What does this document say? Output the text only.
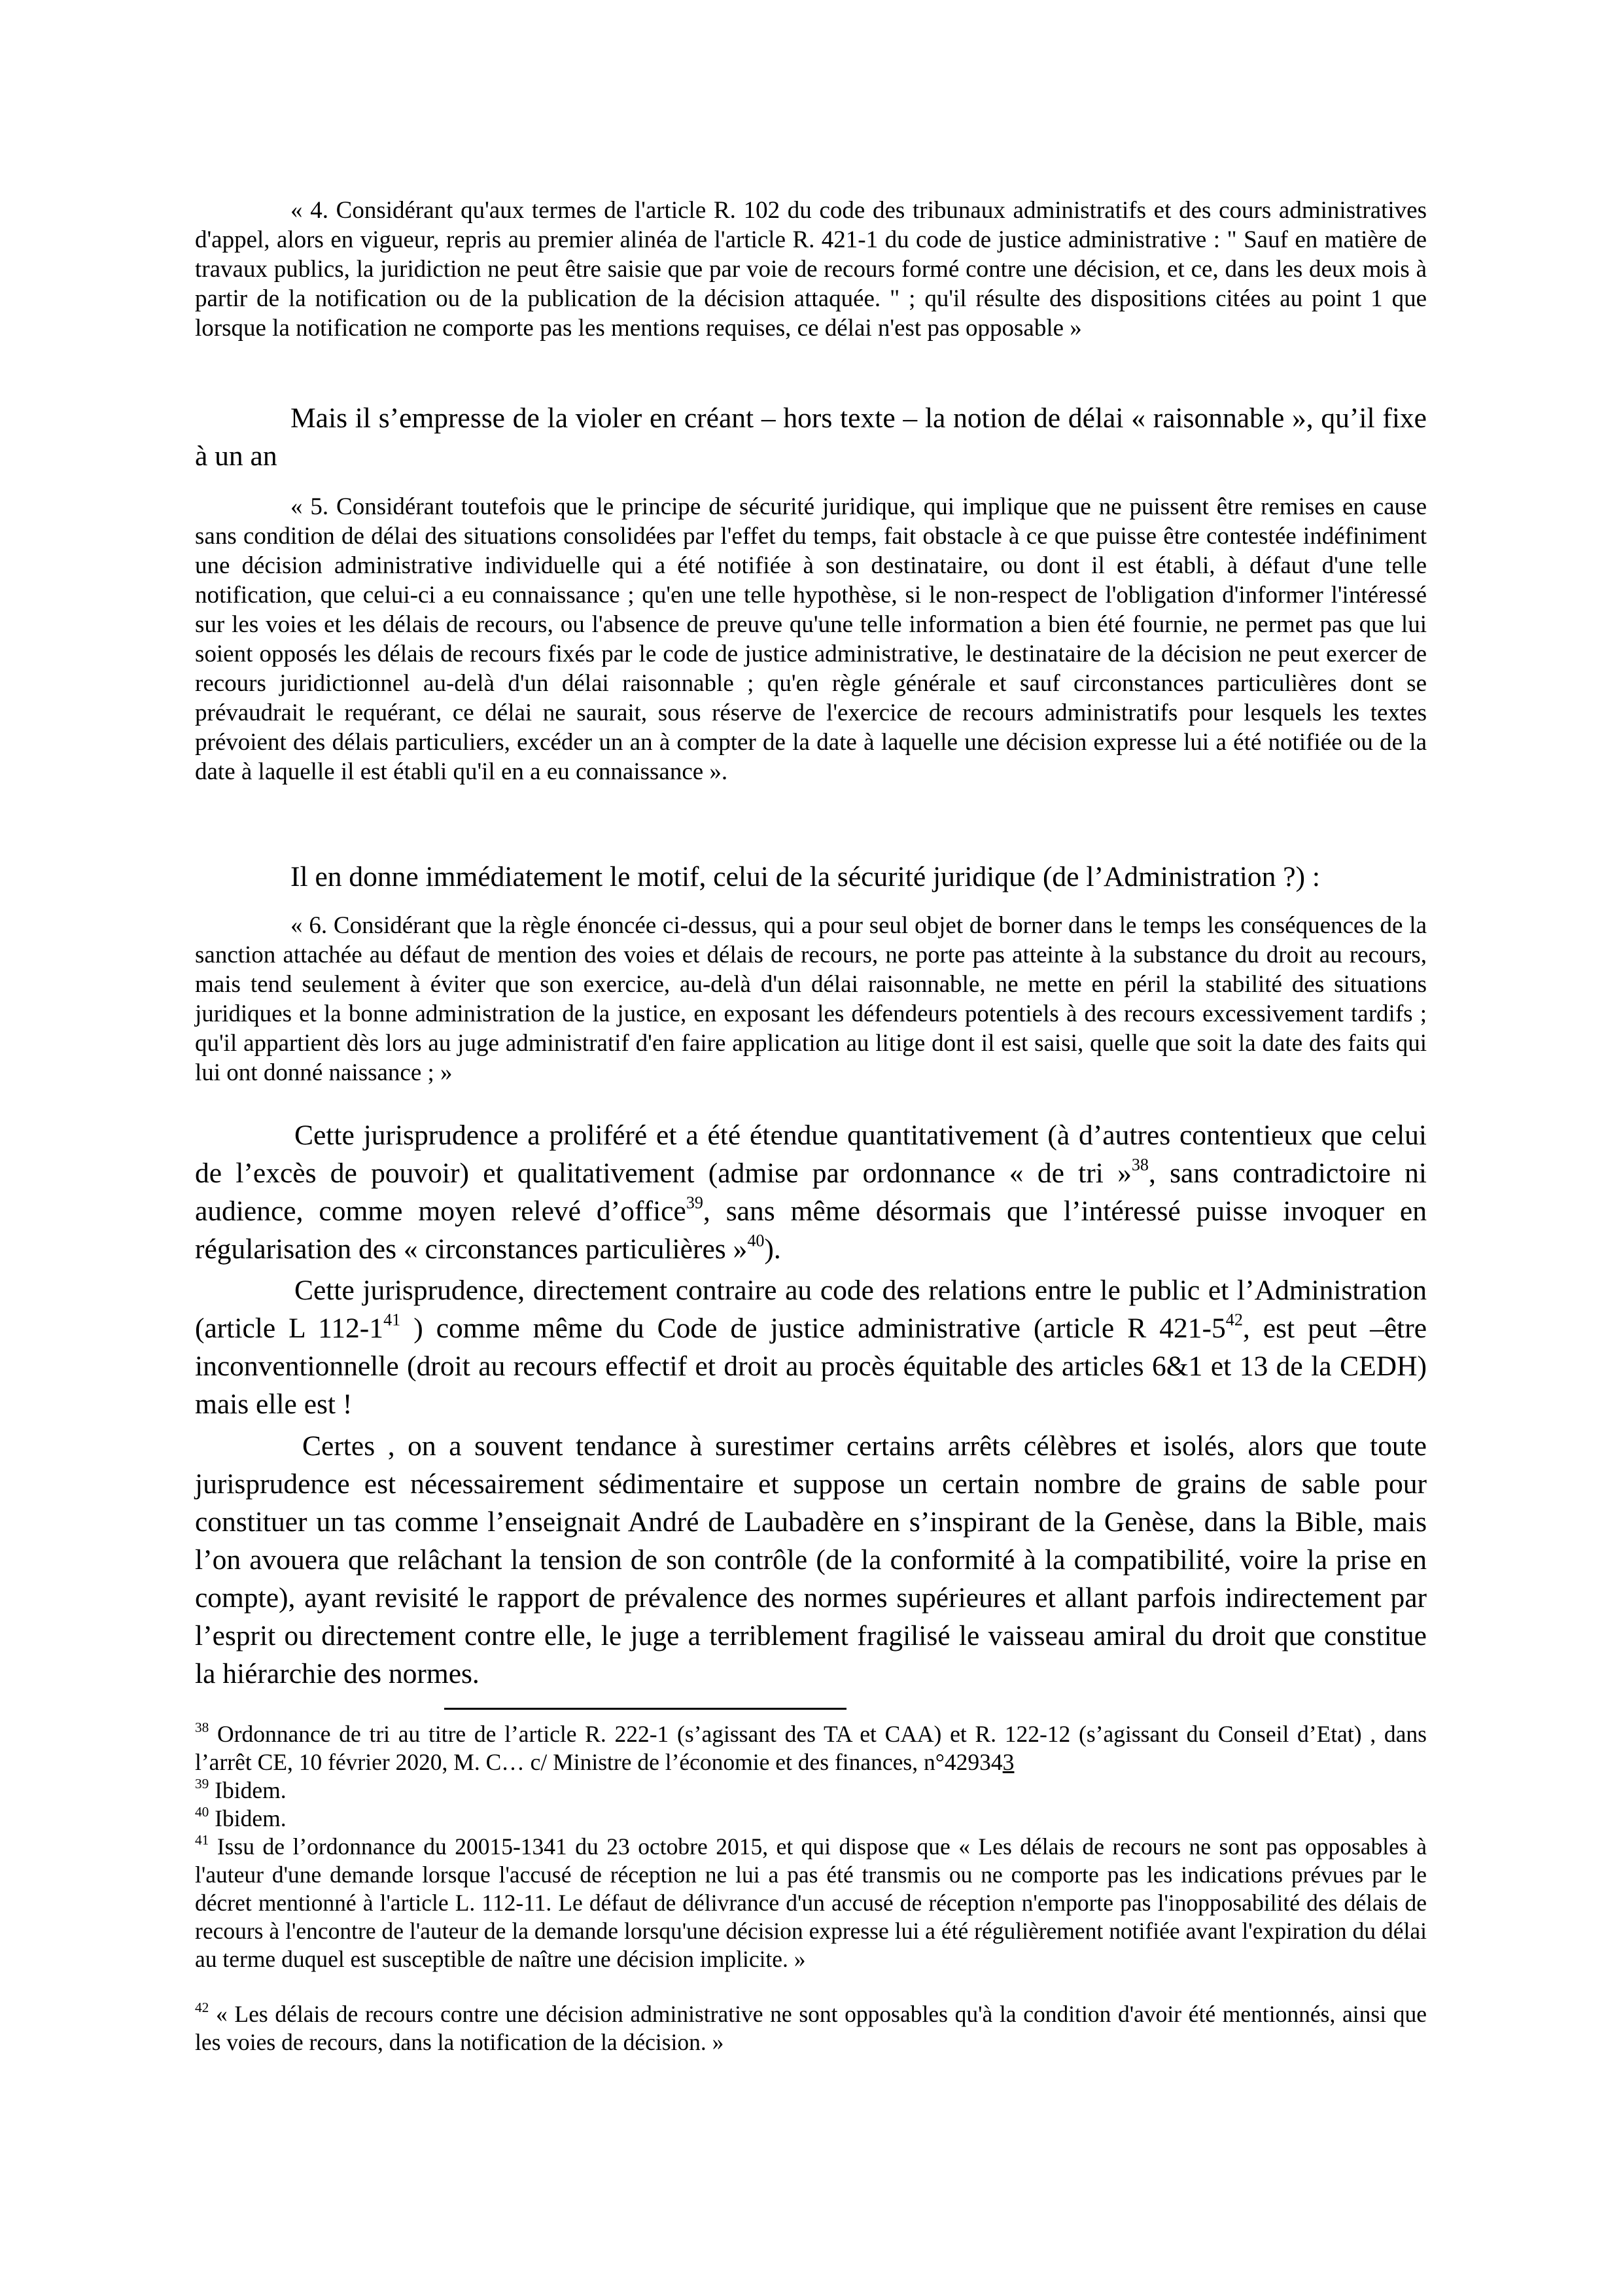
« 4. Considérant qu'aux termes de l'article R. 102 du code des tribunaux administratifs et des cours administratives d'appel, alors en vigueur, repris au premier alinéa de l'article R. 421-1 du code de justice administrative : " Sauf en matière de travaux publics, la juridiction ne peut être saisie que par voie de recours formé contre une décision, et ce, dans les deux mois à partir de la notification ou de la publication de la décision attaquée. " ; qu'il résulte des dispositions citées au point 1 que lorsque la notification ne comporte pas les mentions requises, ce délai n'est pas opposable »

Mais il s’empresse de la violer en créant – hors texte – la notion de délai « raisonnable », qu’il fixe à un an

« 5. Considérant toutefois que le principe de sécurité juridique, qui implique que ne puissent être remises en cause sans condition de délai des situations consolidées par l'effet du temps, fait obstacle à ce que puisse être contestée indéfiniment une décision administrative individuelle qui a été notifiée à son destinataire, ou dont il est établi, à défaut d'une telle notification, que celui-ci a eu connaissance ; qu'en une telle hypothèse, si le non-respect de l'obligation d'informer l'intéressé sur les voies et les délais de recours, ou l'absence de preuve qu'une telle information a bien été fournie, ne permet pas que lui soient opposés les délais de recours fixés par le code de justice administrative, le destinataire de la décision ne peut exercer de recours juridictionnel au-delà d'un délai raisonnable ; qu'en règle générale et sauf circonstances particulières dont se prévaudrait le requérant, ce délai ne saurait, sous réserve de l'exercice de recours administratifs pour lesquels les textes prévoient des délais particuliers, excéder un an à compter de la date à laquelle une décision expresse lui a été notifiée ou de la date à laquelle il est établi qu'il en a eu connaissance ».

Il en donne immédiatement le motif, celui de la sécurité juridique (de l’Administration ?) :

« 6. Considérant que la règle énoncée ci-dessus, qui a pour seul objet de borner dans le temps les conséquences de la sanction attachée au défaut de mention des voies et délais de recours, ne porte pas atteinte à la substance du droit au recours, mais tend seulement à éviter que son exercice, au-delà d'un délai raisonnable, ne mette en péril la stabilité des situations juridiques et la bonne administration de la justice, en exposant les défendeurs potentiels à des recours excessivement tardifs ; qu'il appartient dès lors au juge administratif d'en faire application au litige dont il est saisi, quelle que soit la date des faits qui lui ont donné naissance ; »

Cette jurisprudence a proliféré et a été étendue quantitativement (à d’autres contentieux que celui de l’excès de pouvoir) et qualitativement (admise par ordonnance « de tri »$^{38}$, sans contradictoire ni audience, comme moyen relevé d’office$^{39}$, sans même désormais que l’intéressé puisse invoquer en régularisation des « circonstances particulières »$^{40}$).

Cette jurisprudence, directement contraire au code des relations entre le public et l’Administration (article L $112-1^{41}$ ) comme même du Code de justice administrative (article R $421-5^{42}$, est peut –être inconventionnelle (droit au recours effectif et droit au procès équitable des articles 6&1 et 13 de la CEDH) mais elle est !

Certes , on a souvent tendance à surestimer certains arrêts célèbres et isolés, alors que toute jurisprudence est nécessairement sédimentaire et suppose un certain nombre de grains de sable pour constituer un tas comme l’enseignait André de Laubadère en s’inspirant de la Genèse, dans la Bible, mais l’on avouera que relâchant la tension de son contrôle (de la conformité à la compatibilité, voire la prise en compte), ayant revisité le rapport de prévalence des normes supérieures et allant parfois indirectement par l’esprit ou directement contre elle, le juge a terriblement fragilisé le vaisseau amiral du droit que constitue la hiérarchie des normes.

$^{38}$ Ordonnance de tri au titre de l’article R. 222-1 (s’agissant des TA et CAA) et R. 122-12 (s’agissant du Conseil d’Etat) , dans l’arrêt CE, 10 février 2020, M. C… c/ Ministre de l’économie et des finances, n°429343

$^{39}$ Ibidem.

$^{40}$ Ibidem.

$^{41}$ Issu de l’ordonnance du 20015-1341 du 23 octobre 2015, et qui dispose que « Les délais de recours ne sont pas opposables à l'auteur d'une demande lorsque l'accusé de réception ne lui a pas été transmis ou ne comporte pas les indications prévues par le décret mentionné à l'article L. 112-11. Le défaut de délivrance d'un accusé de réception n'emporte pas l'inopposabilité des délais de recours à l'encontre de l'auteur de la demande lorsqu'une décision expresse lui a été régulièrement notifiée avant l'expiration du délai au terme duquel est susceptible de naître une décision implicite. »

$^{42}$ « Les délais de recours contre une décision administrative ne sont opposables qu'à la condition d'avoir été mentionnés, ainsi que les voies de recours, dans la notification de la décision. »
